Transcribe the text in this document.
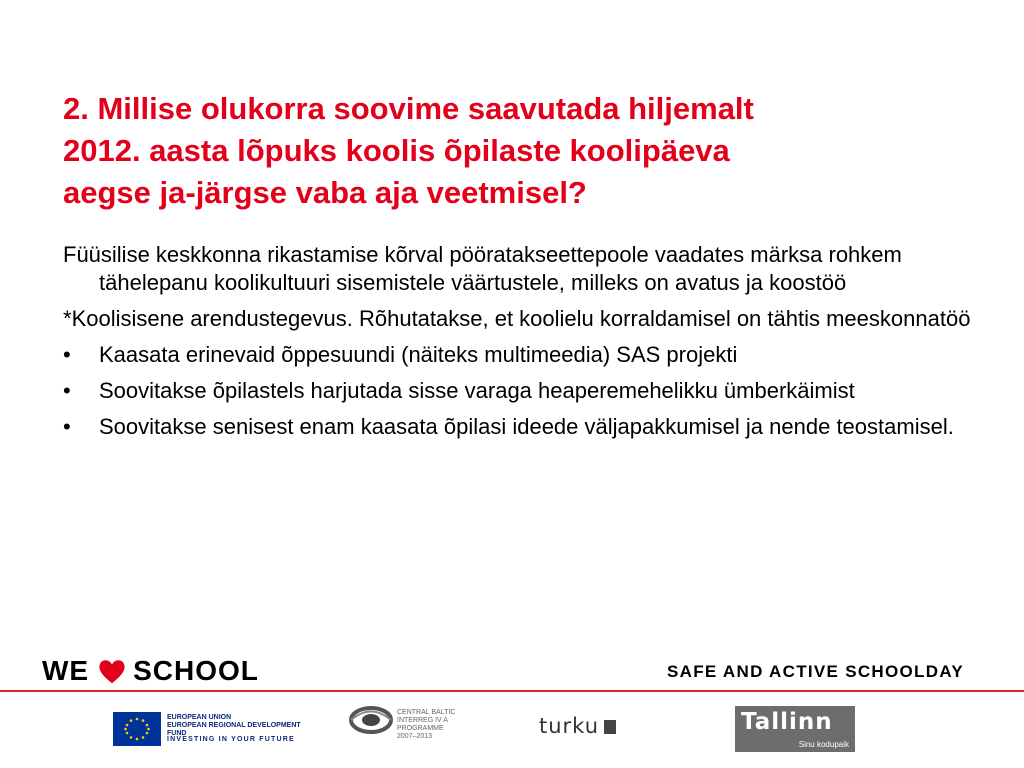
2. Millise olukorra soovime saavutada hiljemalt
2012. aasta lõpuks koolis õpilaste koolipäeva
aegse ja-järgse vaba aja veetmisel?
Füüsilise keskkonna rikastamise kõrval pööratakseettepoole vaadates märksa rohkem tähelepanu koolikultuuri sisemistele väärtustele, milleks on avatus ja koostöö
*Koolisisene arendustegevus. Rõhutatakse, et koolielu korraldamisel on tähtis meeskonnatöö
• Kaasata erinevaid õppesuundi (näiteks multimeedia) SAS projekti
• Soovitakse õpilastels harjutada sisse varaga heaperemehelikku ümberkäimist
• Soovitakse senisest enam kaasata õpilasi ideede väljapakkumisel ja nende teostamisel.
WE SCHOOL	SAFE AND ACTIVE SCHOOLDAY
EUROPEAN UNION
EUROPEAN REGIONAL DEVELOPMENT FUND
INVESTING IN YOUR FUTURE
CENTRAL BALTIC
INTERREG IV A
PROGRAMME
2007–2013	turku	Tallinn
Sinu kodupaik
